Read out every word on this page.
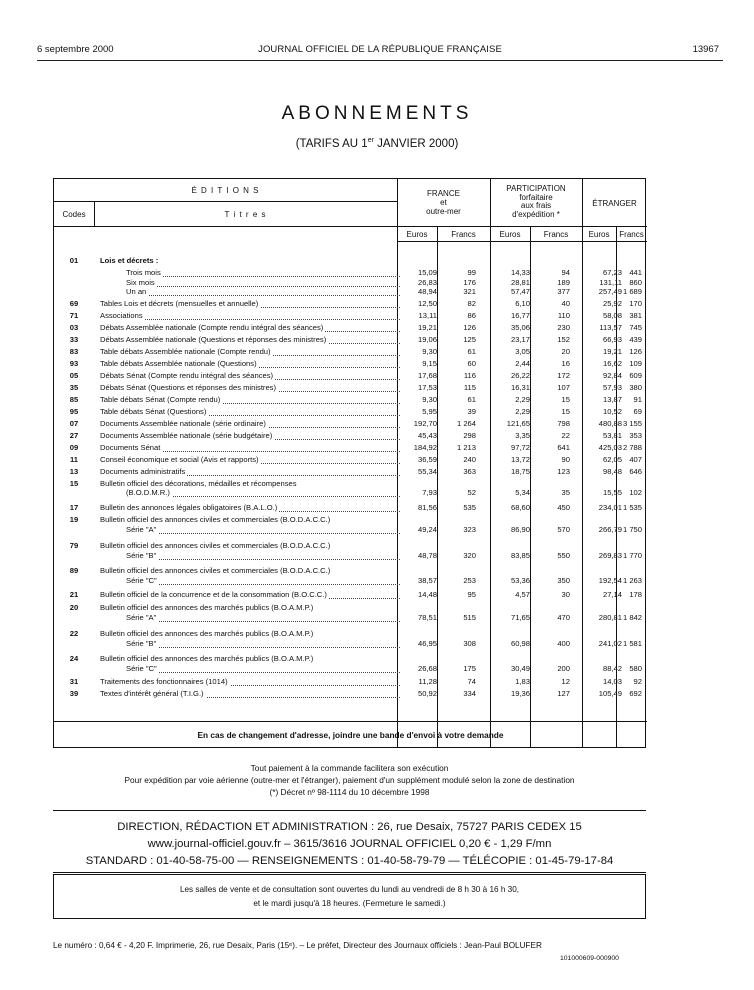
6 septembre 2000	JOURNAL OFFICIEL DE LA RÉPUBLIQUE FRANÇAISE	13967
ABONNEMENTS
(TARIFS AU 1er JANVIER 2000)
É D I T I O N S
Codes	T i t r e s
FRANCE
et
outre-mer
PARTICIPATION
forfaitaire
aux frais
d'expédition *
ÉTRANGER
Euros	Francs	Euros	Francs	Euros	Francs
01	Lois et décrets :
Trois mois	15,09	99	14,33	94	67,23 441
Six mois	26,83	176	28,81	189	131,11 860
Un an	48,94	321	57,47	377	257,49 1 689
69	Tables Lois et décrets (mensuelles et annuelle)	12,50	82	6,10	40	25,92 170
71	Associations	13,11	86	16,77	110	58,08 381
03	Débats Assemblée nationale (Compte rendu intégral des séances)	19,21	126	35,06	230	113,57 745
33	Débats Assemblée nationale (Questions et réponses des ministres)	19,06	125	23,17	152	66,93 439
83	Table débats Assemblée nationale (Compte rendu)	9,30	61	3,05	20	19,21 126
93	Table débats Assemblée nationale (Questions)	9,15	60	2,44	16	16,62 109
05	Débats Sénat (Compte rendu intégral des séances)	17,68	116	26,22	172	92,84 609
35	Débats Sénat (Questions et réponses des ministres)	17,53	115	16,31	107	57,93 380
85	Table débats Sénat (Compte rendu)	9,30	61	2,29	15	13,87	91
95	Table débats Sénat (Questions)	5,95	39	2,29	15	10,52	69
07	Documents Assemblée nationale (série ordinaire)	192,70	1 264	121,65	798	480,88 3 155
27	Documents Assemblée nationale (série budgétaire)	45,43	298	3,35	22	53,81 353
09	Documents Sénat	184,92	1 213	97,72	641	425,03 2 788
11	Conseil économique et social (Avis et rapports)	36,59	240	13,72	90	62,05 407
13	Documents administratifs	55,34	363	18,75	123	98,48 646
15	Bulletin officiel des décorations, médailles et récompenses
(B.O.D.M.R.)	7,93	52	5,34	35	15,55 102
17	Bulletin des annonces légales obligatoires (B.A.L.O.)	81,56	535	68,60	450	234,01 1 535
19	Bulletin officiel des annonces civiles et commerciales (B.O.D.A.C.C.)
Série "A"	49,24	323	86,90	570	266,79 1 750
79	Bulletin officiel des annonces civiles et commerciales (B.O.D.A.C.C.)
Série "B"	48,78	320	83,85	550	269,83 1 770
89	Bulletin officiel des annonces civiles et commerciales (B.O.D.A.C.C.)
Série "C"	38,57	253	53,36	350	192,54 1 263
21	Bulletin officiel de la concurrence et de la consommation (B.O.C.C.)	14,48	95	4,57	30	27,14 178
20	Bulletin officiel des annonces des marchés publics (B.O.A.M.P.)
Série "A"	78,51	515	71,65	470	280,81 1 842
22	Bulletin officiel des annonces des marchés publics (B.O.A.M.P.)
Série "B"	46,95	308	60,98	400	241,02 1 581
24	Bulletin officiel des annonces des marchés publics (B.O.A.M.P.)
Série "C"	26,68	175	30,49	200	88,42 580
31	Traitements des fonctionnaires (1014)	11,28	74	1,83	12	14,03	92
39	Textes d'intérêt général (T.I.G.)	50,92	334	19,36	127	105,49 692
En cas de changement d'adresse, joindre une bande d'envoi à votre demande
Tout paiement à la commande facilitera son exécution
Pour expédition par voie aérienne (outre-mer et l'étranger), paiement d'un supplément modulé selon la zone de destination
(*) Décret nº 98-1114 du 10 décembre 1998
DIRECTION, RÉDACTION ET ADMINISTRATION : 26, rue Desaix, 75727 PARIS CEDEX 15
www.journal-officiel.gouv.fr – 3615/3616 JOURNAL OFFICIEL 0,20 € - 1,29 F/mn
STANDARD : 01-40-58-75-00 — RENSEIGNEMENTS : 01-40-58-79-79 — TÉLÉCOPIE : 01-45-79-17-84
Les salles de vente et de consultation sont ouvertes du lundi au vendredi de 8 h 30 à 16 h 30,
et le mardi jusqu'à 18 heures. (Fermeture le samedi.)
Le numéro : 0,64 € - 4,20 F. Imprimerie, 26, rue Desaix, Paris (15ᵉ). – Le préfet, Directeur des Journaux officiels : Jean-Paul BOLUFER
101000609-000900
